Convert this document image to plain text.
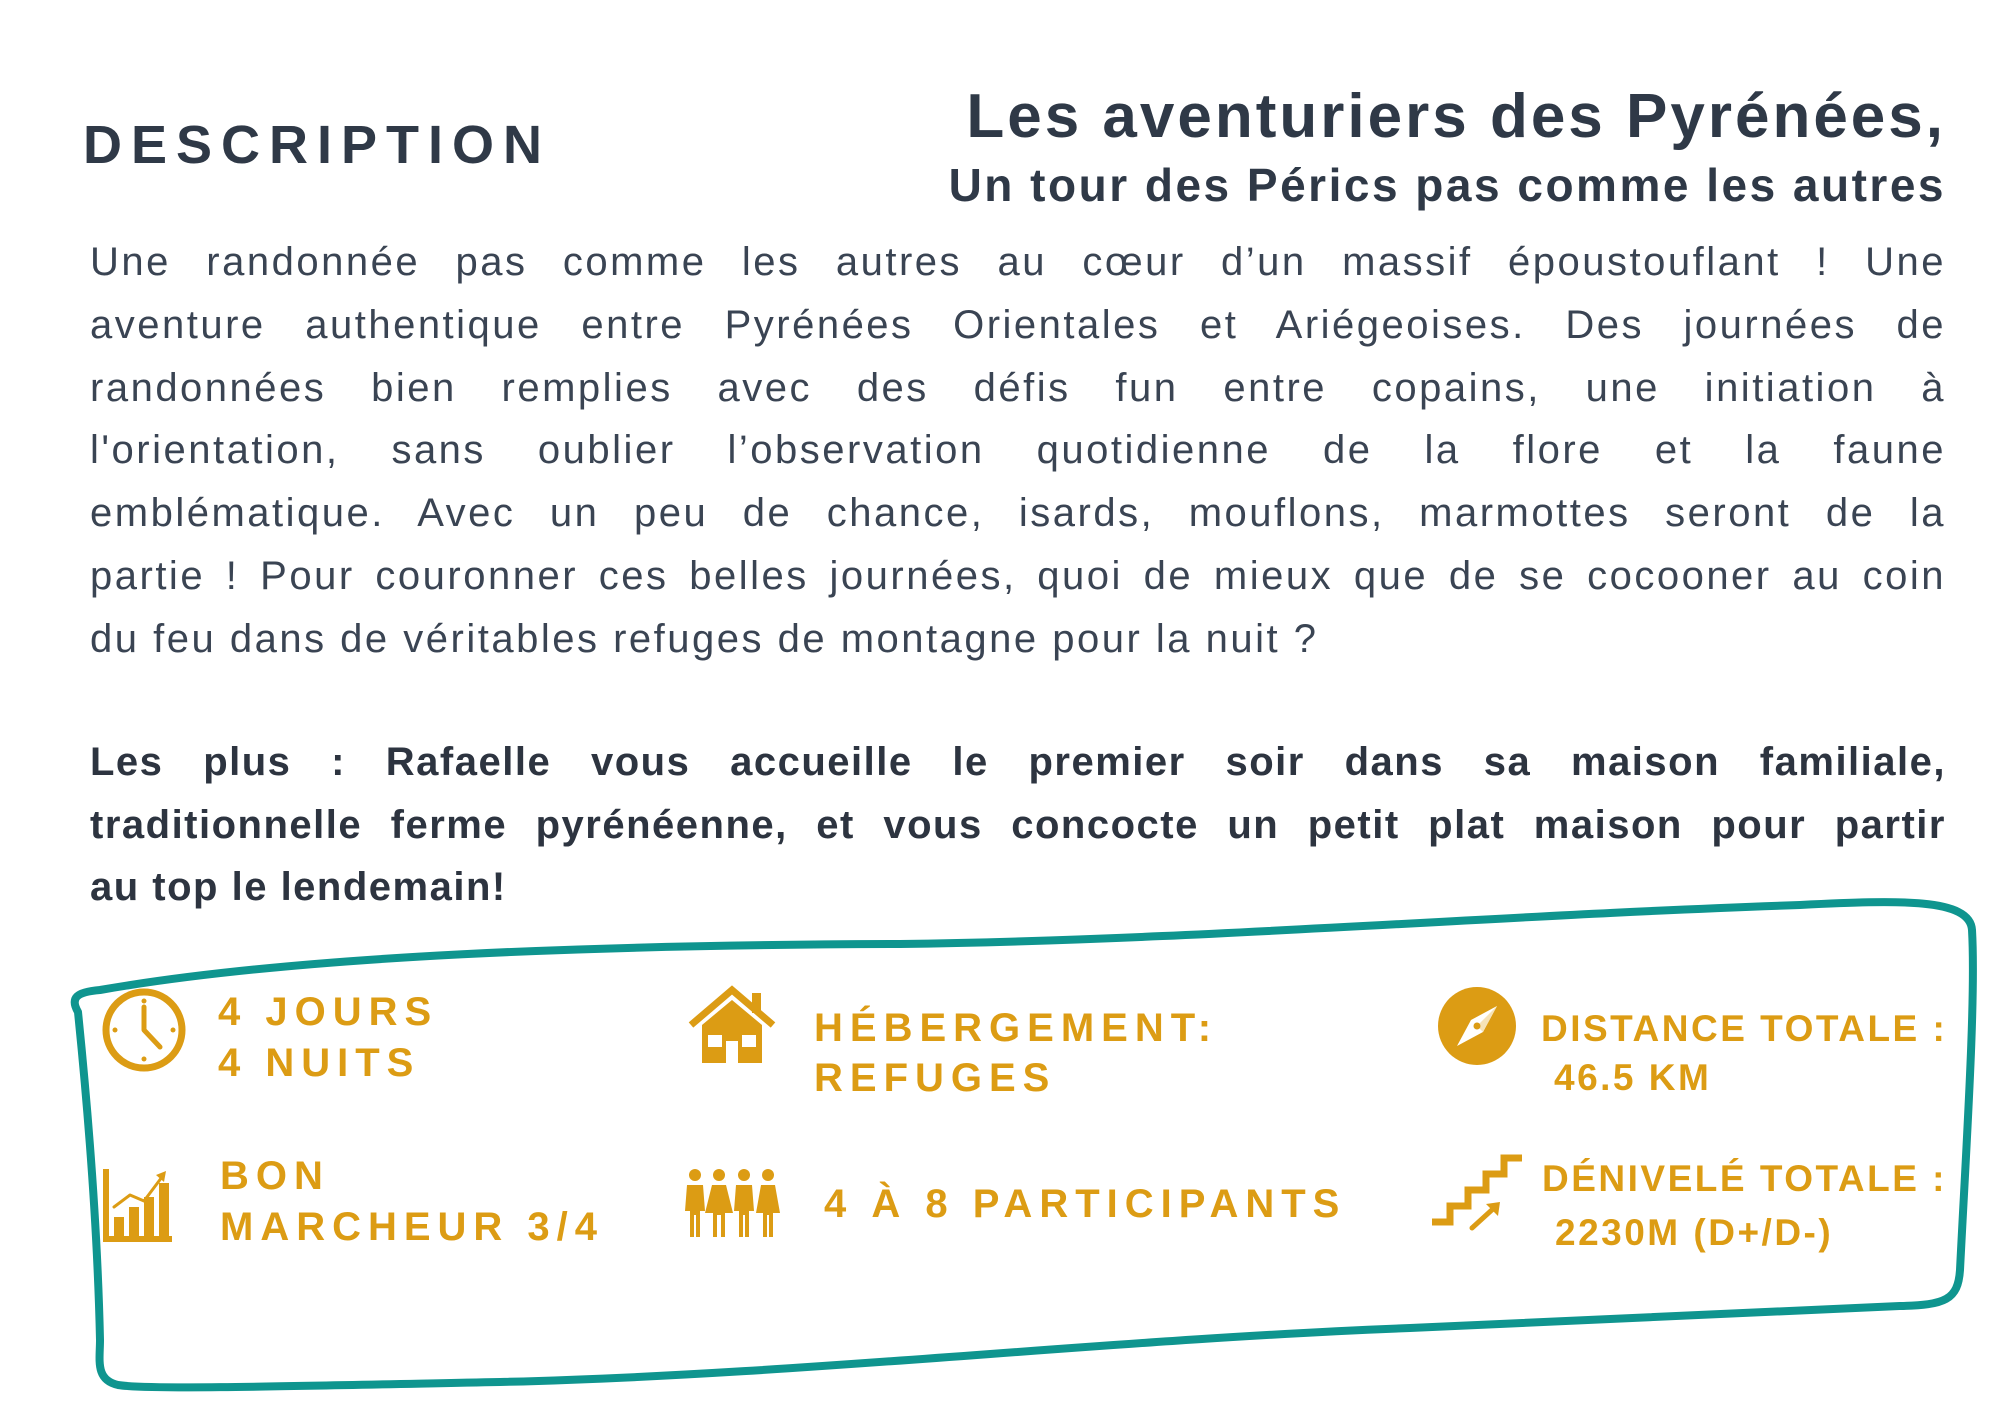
DESCRIPTION	Les aventuriers des Pyrénées,
Un tour des Pérics pas comme les autres
Une randonnée pas comme les autres au cœur d’un massif époustouflant ! Une
aventure authentique entre Pyrénées Orientales et Ariégeoises. Des journées de
randonnées bien remplies avec des défis fun entre copains, une initiation à
l'orientation, sans oublier l’observation quotidienne de la flore et la faune
emblématique. Avec un peu de chance, isards, mouflons, marmottes seront de la
partie ! Pour couronner ces belles journées, quoi de mieux que de se cocooner au coin
du feu dans de véritables refuges de montagne pour la nuit ?
Les plus : Rafaelle vous accueille le premier soir dans sa maison familiale,
traditionnelle ferme pyrénéenne, et vous concocte un petit plat maison pour partir
au top le lendemain!
4 JOURS
4 NUITS
HÉBERGEMENT:
REFUGES
DISTANCE TOTALE :
46.5 KM
BON
MARCHEUR 3/4
4 À 8 PARTICIPANTS
DÉNIVELÉ TOTALE :
2230M (D+/D-)
